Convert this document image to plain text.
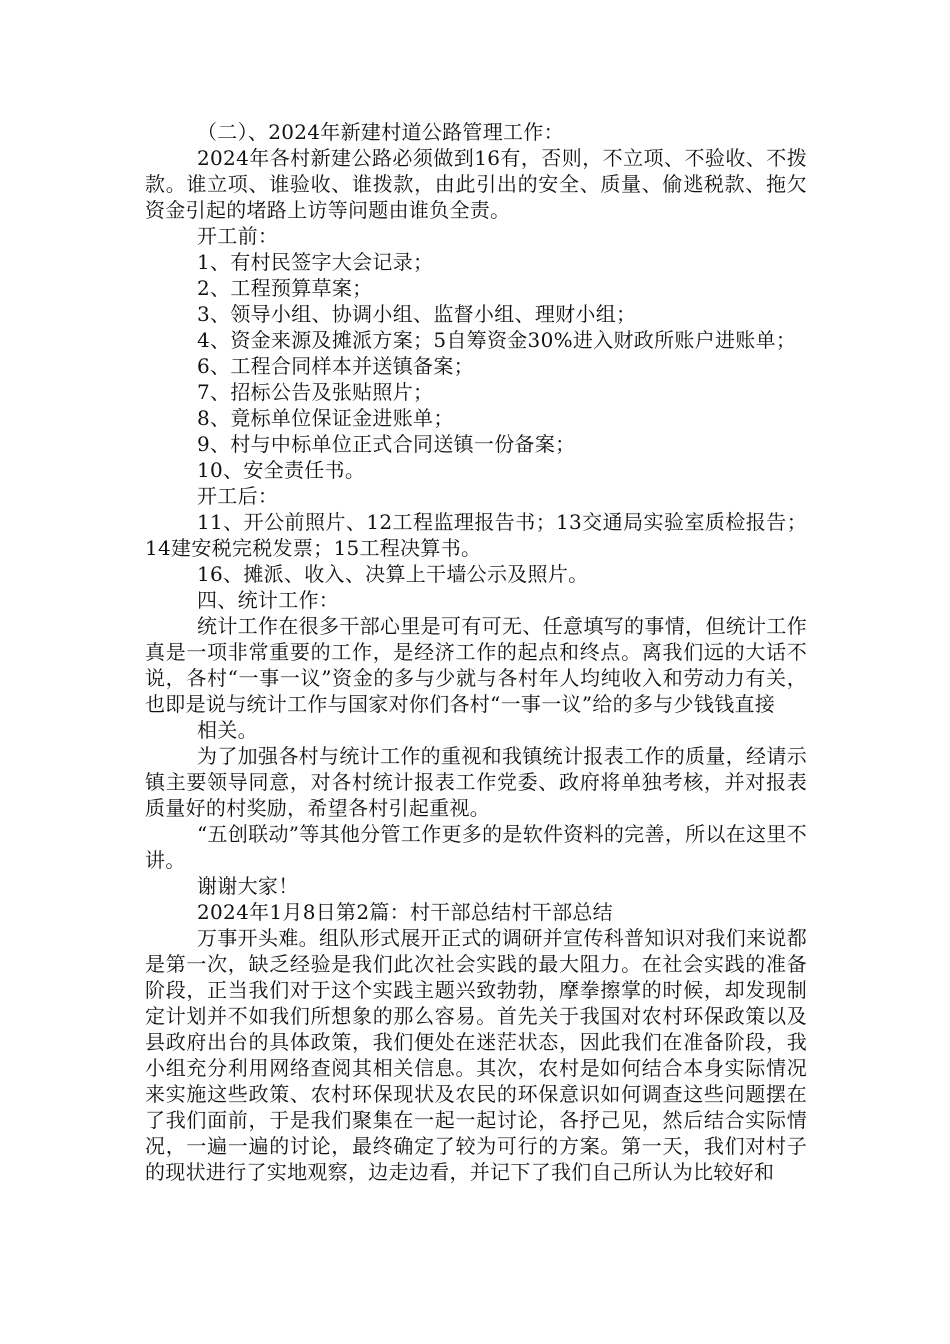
（二）、2024年新建村道公路管理工作：

2024年各村新建公路必须做到16有，否则，不立项、不验收、不拨款。谁立项、谁验收、谁拨款，由此引出的安全、质量、偷逃税款、拖欠资金引起的堵路上访等问题由谁负全责。

开工前：

1、有村民签字大会记录；

2、工程预算草案；

3、领导小组、协调小组、监督小组、理财小组；

4、资金来源及摊派方案；5自筹资金30%进入财政所账户进账单；

6、工程合同样本并送镇备案；

7、招标公告及张贴照片；

8、竟标单位保证金进账单；

9、村与中标单位正式合同送镇一份备案；

10、安全责任书。

开工后：

11、开公前照片、12工程监理报告书；13交通局实验室质检报告；14建安税完税发票；15工程决算书。

16、摊派、收入、决算上干墙公示及照片。

四、统计工作：

统计工作在很多干部心里是可有可无、任意填写的事情，但统计工作真是一项非常重要的工作，是经济工作的起点和终点。离我们远的大话不说，各村“一事一议”资金的多与少就与各村年人均纯收入和劳动力有关，也即是说与统计工作与国家对你们各村“一事一议”给的多与少钱钱直接

相关。

为了加强各村与统计工作的重视和我镇统计报表工作的质量，经请示镇主要领导同意，对各村统计报表工作党委、政府将单独考核，并对报表质量好的村奖励，希望各村引起重视。

“五创联动”等其他分管工作更多的是软件资料的完善，所以在这里不讲。

谢谢大家！

2024年1月8日第2篇：村干部总结村干部总结

万事开头难。组队形式展开正式的调研并宣传科普知识对我们来说都是第一次，缺乏经验是我们此次社会实践的最大阻力。在社会实践的准备阶段，正当我们对于这个实践主题兴致勃勃，摩拳擦掌的时候，却发现制定计划并不如我们所想象的那么容易。首先关于我国对农村环保政策以及县政府出台的具体政策，我们便处在迷茫状态，因此我们在准备阶段，我小组充分利用网络查阅其相关信息。其次，农村是如何结合本身实际情况来实施这些政策、农村环保现状及农民的环保意识如何调查这些问题摆在了我们面前，于是我们聚集在一起一起讨论，各抒己见，然后结合实际情况，一遍一遍的讨论，最终确定了较为可行的方案。第一天，我们对村子的现状进行了实地观察，边走边看，并记下了我们自己所认为比较好和
